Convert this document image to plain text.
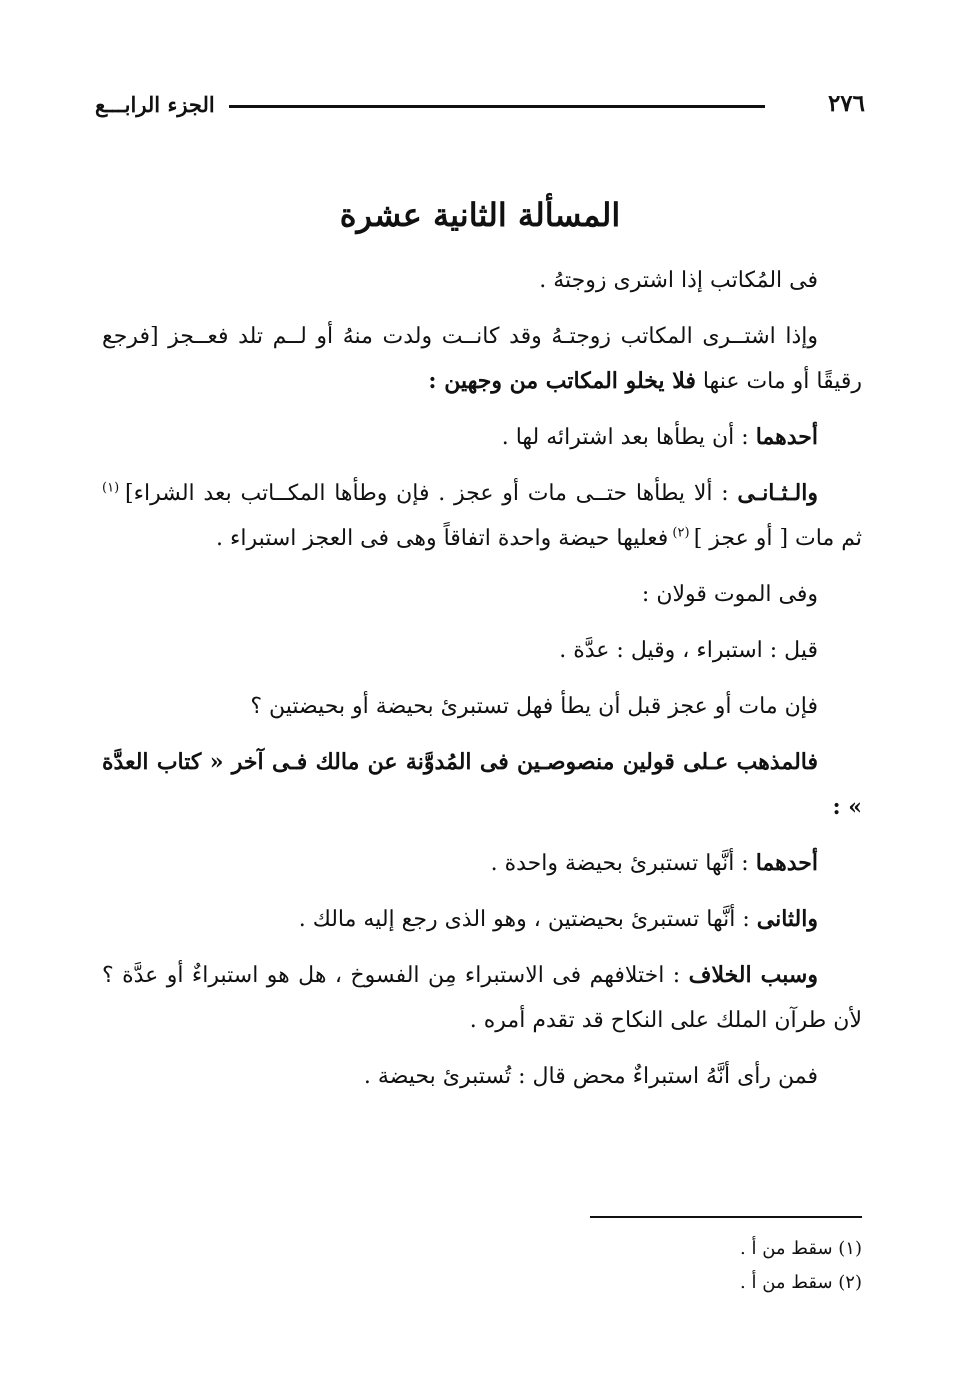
الجزء الرابـــع	٢٧٦
المسألة الثانية عشرة

فى المُكاتب إذا اشترى زوجتهُ .

وإذا اشتــرى المكاتب زوجتـهُ وقد كانــت ولدت منهُ أو لــم تلد فعــجز [فرجع رقيقًا أو مات عنها فلا يخلو المكاتب من وجهين :

أحدهما : أن يطأها بعد اشترائه لها .

والـثـانـى : ألا يطأها حتــى مات أو عجز . فإن وطأها المكــاتب بعد الشراء] $^{(١)}$ ثم مات [ أو عجز ] $^{(٢)}$ فعليها حيضة واحدة اتفاقاً وهى فى العجز استبراء .

وفى الموت قولان :

قيل : استبراء ، وقيل : عدَّة .

فإن مات أو عجز قبل أن يطأ فهل تستبرئ بحيضة أو بحيضتين ؟

فالمذهب عـلى قولين منصوصـين فى المُدوَّنة عن مالك فـى آخر « كتاب العدَّة » :

أحدهما : أنَّها تستبرئ بحيضة واحدة .

والثانى : أنَّها تستبرئ بحيضتين ، وهو الذى رجع إليه مالك .

وسبب الخلاف : اختلافهم فى الاستبراء مِن الفسوخ ، هل هو استبراءٌ أو عدَّة ؟ لأن طرآن الملك على النكاح قد تقدم أمره .

فمن رأى أنَّهُ استبراءٌ محض قال : تُستبرئ بحيضة .

(١) سقط من أ .
(٢) سقط من أ .
